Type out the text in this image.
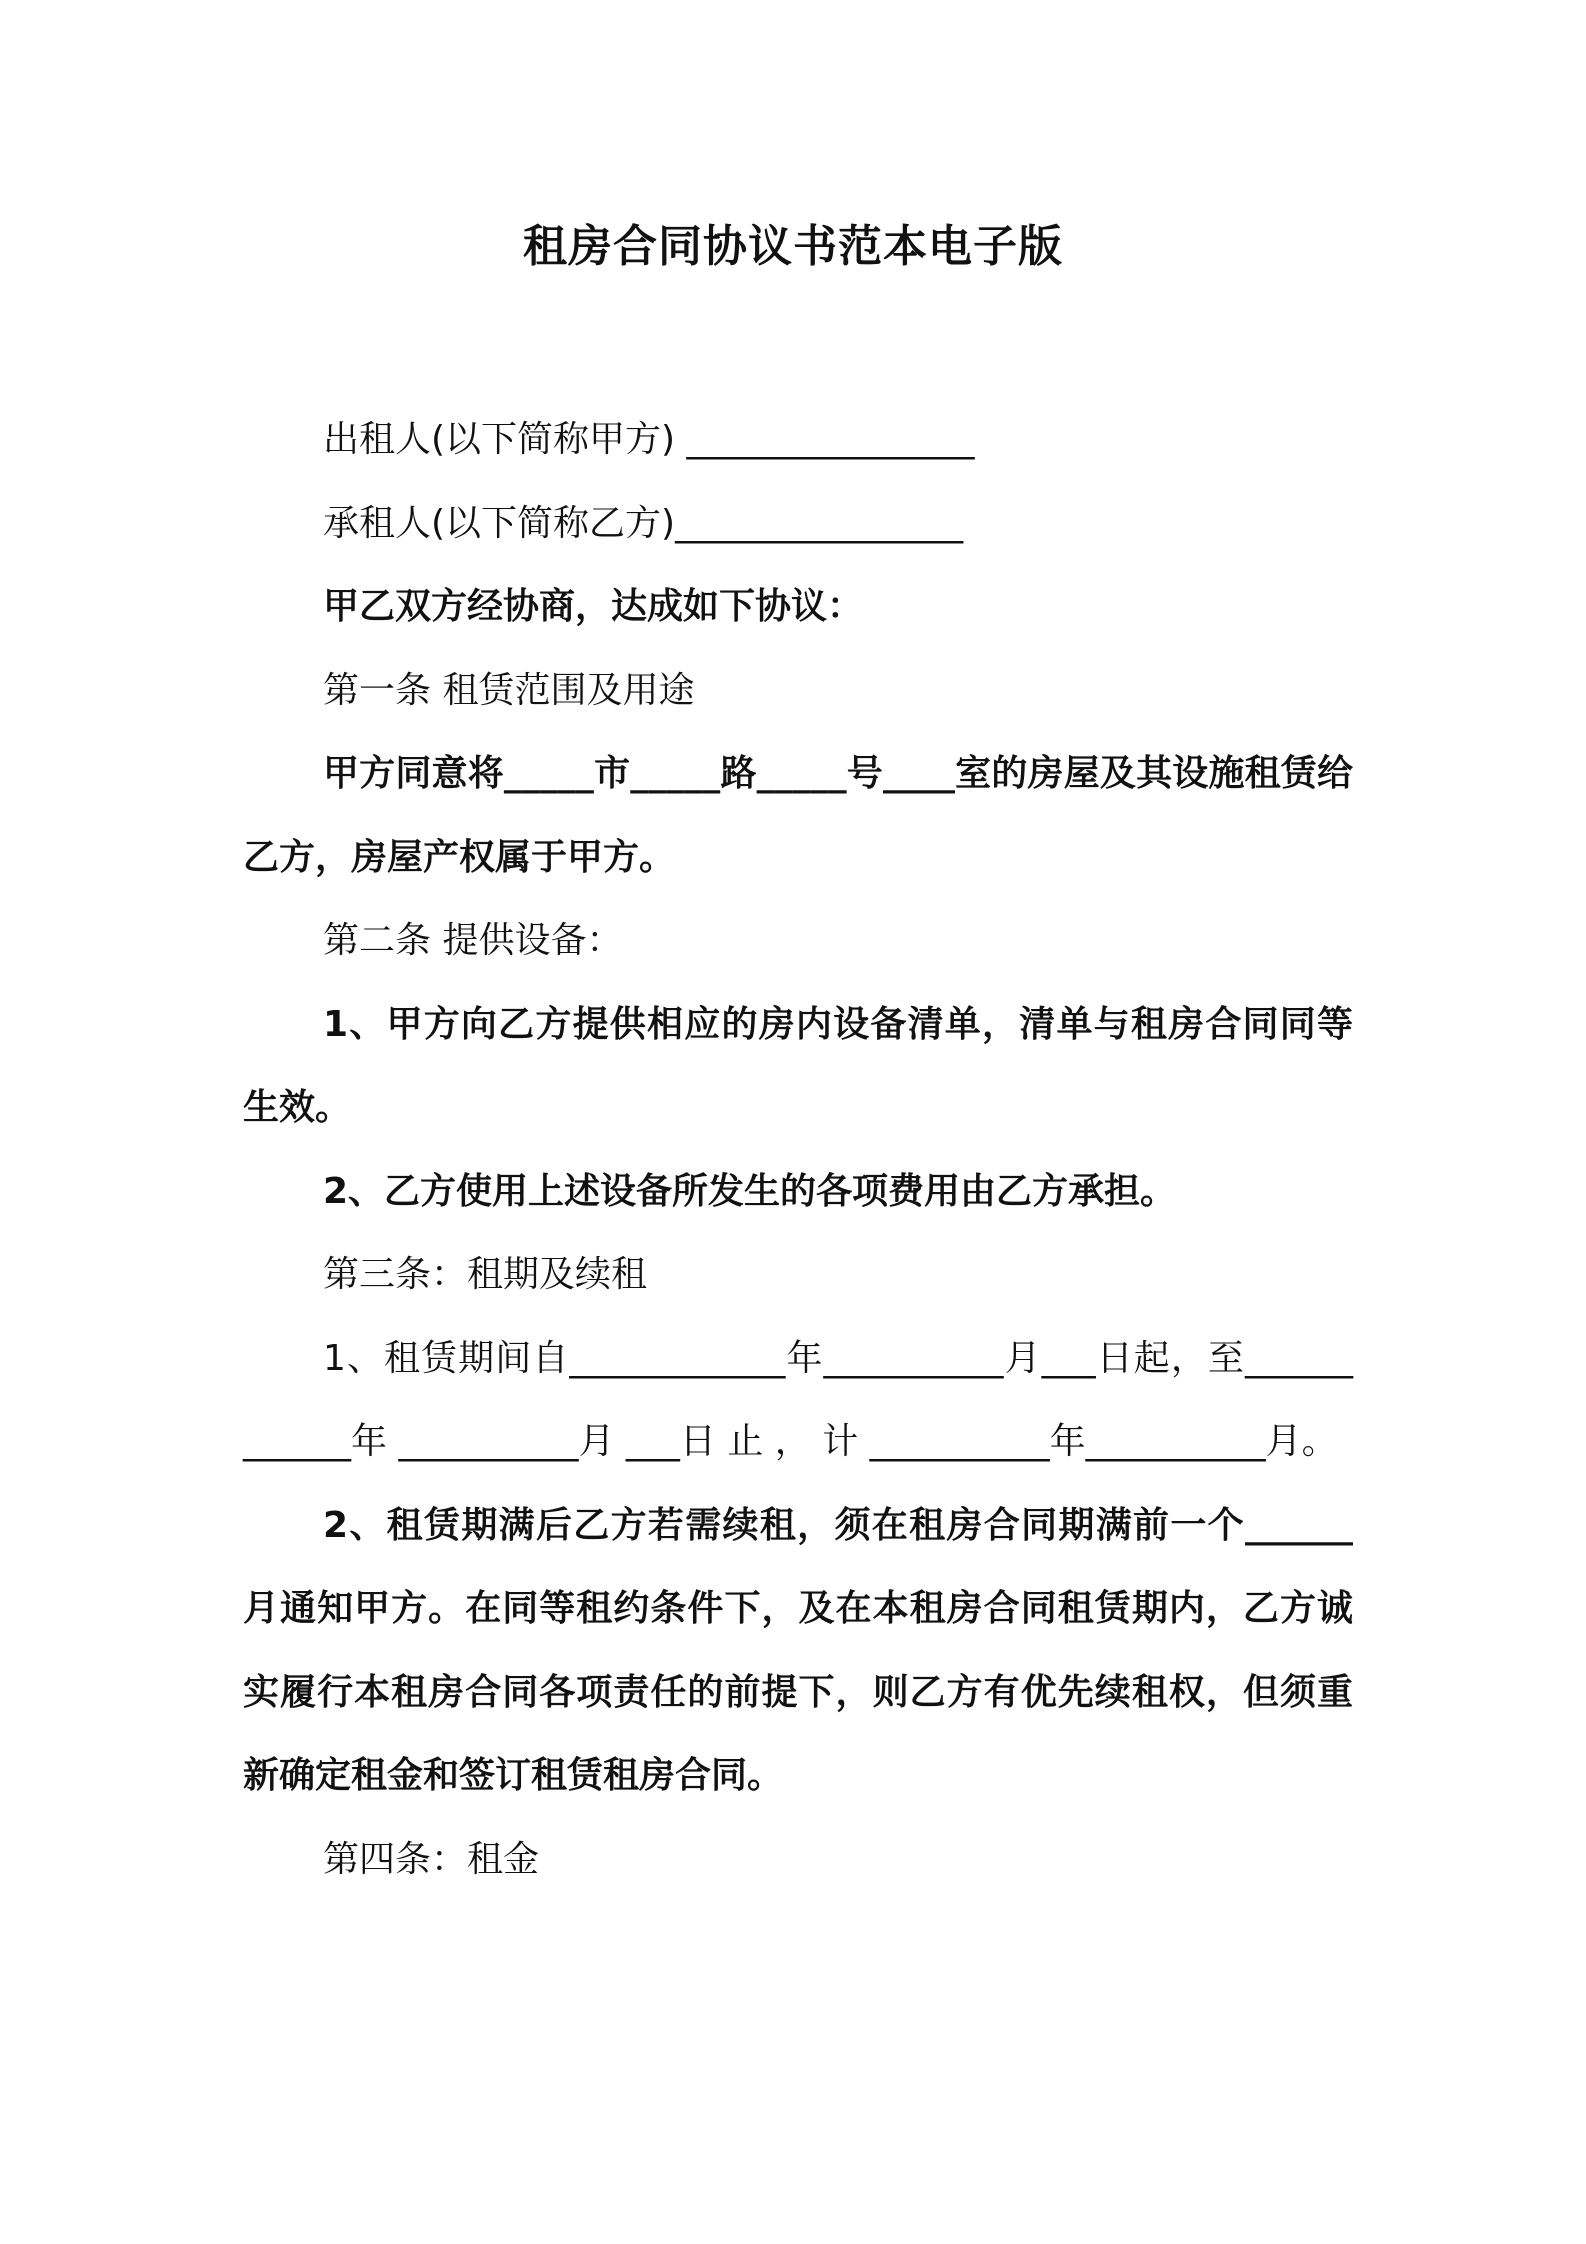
租房合同协议书范本电子版

出租人(以下简称甲方) ________________

承租人(以下简称乙方)________________

甲乙双方经协商，达成如下协议：

第一条 租赁范围及用途

甲方同意将_____市_____路_____号____室的房屋及其设施租赁给乙方，房屋产权属于甲方。

第二条 提供设备：

1、甲方向乙方提供相应的房内设备清单，清单与租房合同同等生效。

2、乙方使用上述设备所发生的各项费用由乙方承担。

第三条：租期及续租

1、租赁期间自____________年__________月___日起，至____________年 __________月 ___日 止 ， 计 __________年__________月。

2、租赁期满后乙方若需续租，须在租房合同期满前一个______月通知甲方。在同等租约条件下，及在本租房合同租赁期内，乙方诚实履行本租房合同各项责任的前提下，则乙方有优先续租权，但须重新确定租金和签订租赁租房合同。

第四条：租金
